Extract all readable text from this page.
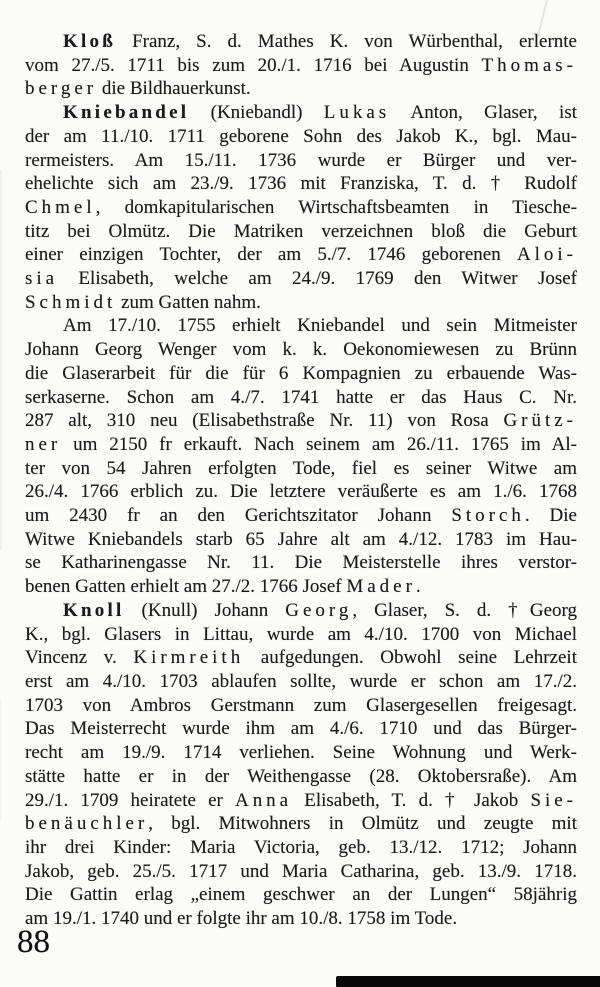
Kloß Franz, S. d. Mathes K. von Würbenthal, erlernte
vom 27./5. 1711 bis zum 20./1. 1716 bei Augustin Thomas-
berger die Bildhauerkunst.
Kniebandel (Kniebandl) Lukas Anton, Glaser, ist
der am 11./10. 1711 geborene Sohn des Jakob K., bgl. Mau-
rermeisters. Am 15./11. 1736 wurde er Bürger und ver-
ehelichte sich am 23./9. 1736 mit Franziska, T. d. † Rudolf
Chmel, domkapitularischen Wirtschaftsbeamten in Tiesche-
titz bei Olmütz. Die Matriken verzeichnen bloß die Geburt
einer einzigen Tochter, der am 5./7. 1746 geborenen Aloi-
sia Elisabeth, welche am 24./9. 1769 den Witwer Josef
Schmidt zum Gatten nahm.
Am 17./10. 1755 erhielt Kniebandel und sein Mitmeister
Johann Georg Wenger vom k. k. Oekonomiewesen zu Brünn
die Glaserarbeit für die für 6 Kompagnien zu erbauende Was-
serkaserne. Schon am 4./7. 1741 hatte er das Haus C. Nr.
287 alt, 310 neu (Elisabethstraße Nr. 11) von Rosa Grütz-
ner um 2150 fr erkauft. Nach seinem am 26./11. 1765 im Al-
ter von 54 Jahren erfolgten Tode, fiel es seiner Witwe am
26./4. 1766 erblich zu. Die letztere veräußerte es am 1./6. 1768
um 2430 fr an den Gerichtszitator Johann Storch. Die
Witwe Kniebandels starb 65 Jahre alt am 4./12. 1783 im Hau-
se Katharinengasse Nr. 11. Die Meisterstelle ihres verstor-
benen Gatten erhielt am 27./2. 1766 Josef Mader.
Knoll (Knull) Johann Georg, Glaser, S. d. †Georg
K., bgl. Glasers in Littau, wurde am 4./10. 1700 von Michael
Vincenz v. Kirmreith aufgedungen. Obwohl seine Lehrzeit
erst am 4./10. 1703 ablaufen sollte, wurde er schon am 17./2.
1703 von Ambros Gerstmann zum Glasergesellen freigesagt.
Das Meisterrecht wurde ihm am 4./6. 1710 und das Bürger-
recht am 19./9. 1714 verliehen. Seine Wohnung und Werk-
stätte hatte er in der Weithengasse (28. Oktobersraße). Am
29./1. 1709 heiratete er Anna Elisabeth, T. d. † Jakob Sie-
benäuchler, bgl. Mitwohners in Olmütz und zeugte mit
ihr drei Kinder: Maria Victoria, geb. 13./12. 1712; Johann
Jakob, geb. 25./5. 1717 und Maria Catharina, geb. 13./9. 1718.
Die Gattin erlag „einem geschwer an der Lungen“ 58jährig
am 19./1. 1740 und er folgte ihr am 10./8. 1758 im Tode.
88
